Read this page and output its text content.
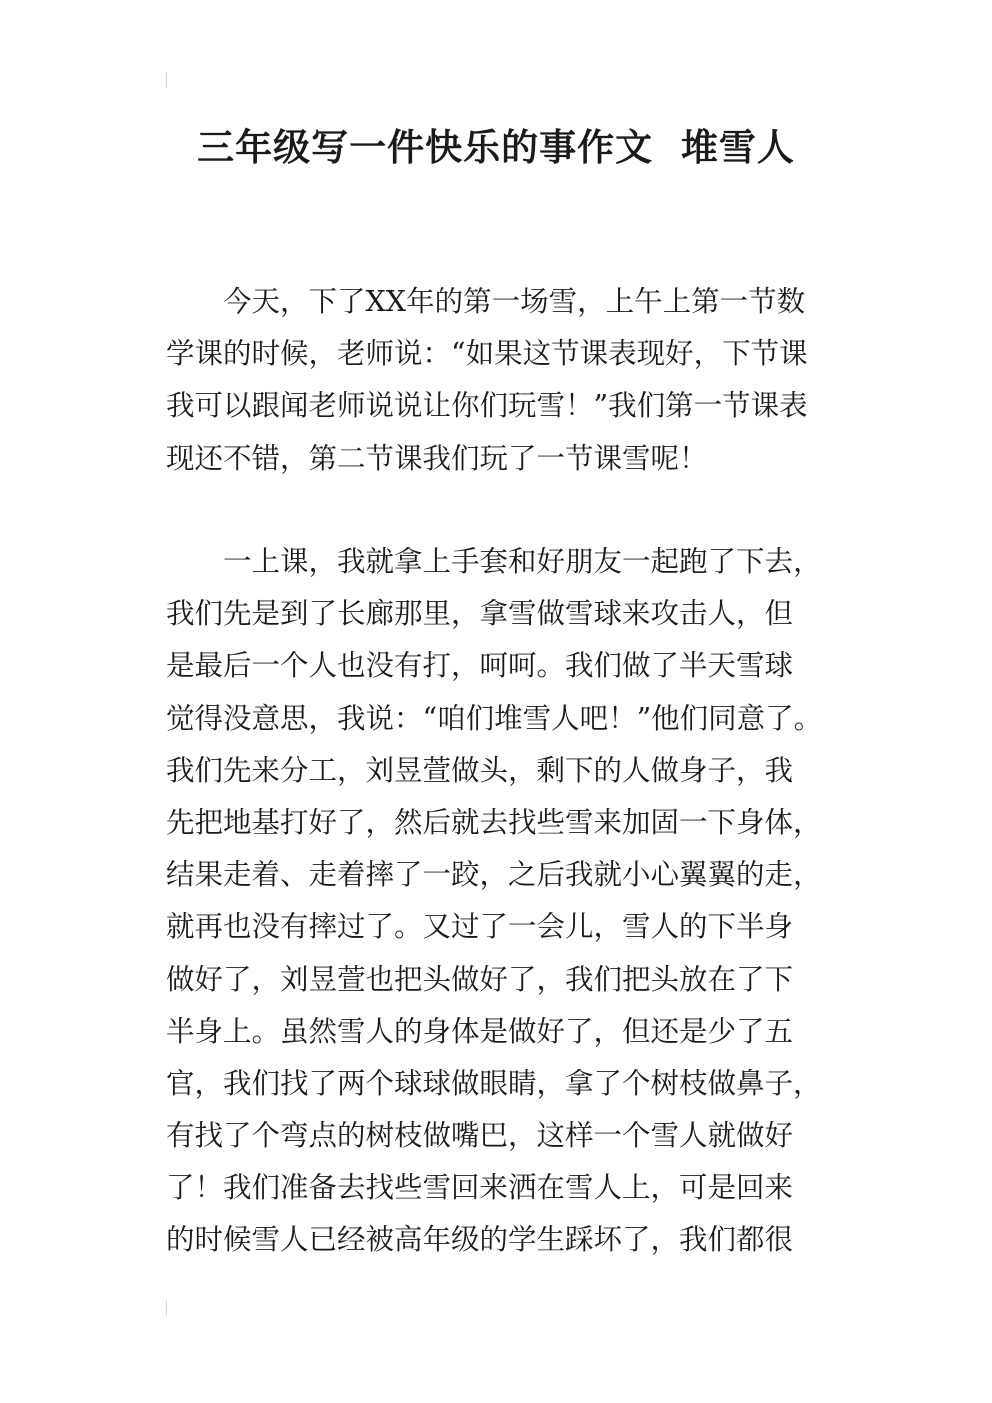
三年级写一件快乐的事作文  堆雪人
　　今天，下了XX年的第一场雪，上午上第一节数
学课的时候，老师说：“如果这节课表现好，下节课
我可以跟闻老师说说让你们玩雪！”我们第一节课表
现还不错，第二节课我们玩了一节课雪呢！
　　一上课，我就拿上手套和好朋友一起跑了下去，
我们先是到了长廊那里，拿雪做雪球来攻击人，但
是最后一个人也没有打，呵呵。我们做了半天雪球
觉得没意思，我说：“咱们堆雪人吧！”他们同意了。
我们先来分工，刘昱萱做头，剩下的人做身子，我
先把地基打好了，然后就去找些雪来加固一下身体，
结果走着、走着摔了一跤，之后我就小心翼翼的走，
就再也没有摔过了。又过了一会儿，雪人的下半身
做好了，刘昱萱也把头做好了，我们把头放在了下
半身上。虽然雪人的身体是做好了，但还是少了五
官，我们找了两个球球做眼睛，拿了个树枝做鼻子，
有找了个弯点的树枝做嘴巴，这样一个雪人就做好
了！我们准备去找些雪回来洒在雪人上，可是回来
的时候雪人已经被高年级的学生踩坏了，我们都很
